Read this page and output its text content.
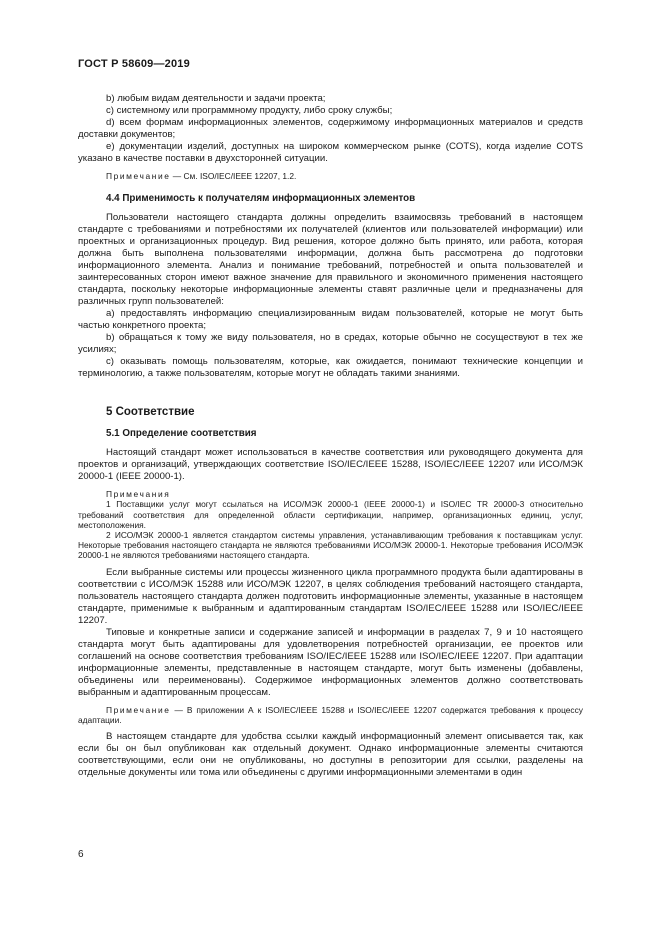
ГОСТ Р 58609—2019

b) любым видам деятельности и задачи проекта;

c) системному или программному продукту, либо сроку службы;

d) всем формам информационных элементов, содержимому информационных материалов и средств доставки документов;

e) документации изделий, доступных на широком коммерческом рынке (COTS), когда изделие COTS указано в качестве поставки в двухсторонней ситуации.

Примечание — См. ISO/IEC/IEEE 12207, 1.2.

4.4 Применимость к получателям информационных элементов

Пользователи настоящего стандарта должны определить взаимосвязь требований в настоящем стандарте с требованиями и потребностями их получателей (клиентов или пользователей информации) или проектных и организационных процедур. Вид решения, которое должно быть принято, или работа, которая должна быть выполнена пользователями информации, должна быть рассмотрена до подготовки информационного элемента. Анализ и понимание требований, потребностей и опыта пользователей и заинтересованных сторон имеют важное значение для правильного и экономичного применения настоящего стандарта, поскольку некоторые информационные элементы ставят различные цели и предназначены для различных групп пользователей:

a) предоставлять информацию специализированным видам пользователей, которые не могут быть частью конкретного проекта;

b) обращаться к тому же виду пользователя, но в средах, которые обычно не сосуществуют в тех же усилиях;

c) оказывать помощь пользователям, которые, как ожидается, понимают технические концепции и терминологию, а также пользователям, которые могут не обладать такими знаниями.

5 Соответствие
5.1 Определение соответствия

Настоящий стандарт может использоваться в качестве соответствия или руководящего документа для проектов и организаций, утверждающих соответствие ISO/IEC/IEEE 15288, ISO/IEC/IEEE 12207 или ИСО/МЭК 20000-1 (IEEE 20000-1).

Примечания

1 Поставщики услуг могут ссылаться на ИСО/МЭК 20000-1 (IEEE 20000-1) и ISO/IEC TR 20000-3 относительно требований соответствия для определенной области сертификации, например, организационных единиц, услуг, местоположения.

2 ИСО/МЭК 20000-1 является стандартом системы управления, устанавливающим требования к поставщикам услуг. Некоторые требования настоящего стандарта не являются требованиями ИСО/МЭК 20000-1. Некоторые требования ИСО/МЭК 20000-1 не являются требованиями настоящего стандарта.

Если выбранные системы или процессы жизненного цикла программного продукта были адаптированы в соответствии с ИСО/МЭК 15288 или ИСО/МЭК 12207, в целях соблюдения требований настоящего стандарта, пользователь настоящего стандарта должен подготовить информационные элементы, указанные в настоящем стандарте, применимые к выбранным и адаптированным стандартам ISO/IEC/IEEE 15288 или ISO/IEC/IEEE 12207.

Типовые и конкретные записи и содержание записей и информации в разделах 7, 9 и 10 настоящего стандарта могут быть адаптированы для удовлетворения потребностей организации, ее проектов или соглашений на основе соответствия требованиям ISO/IEC/IEEE 15288 или ISO/IEC/IEEE 12207. При адаптации информационные элементы, представленные в настоящем стандарте, могут быть изменены (добавлены, объединены или переименованы). Содержимое информационных элементов должно соответствовать выбранным и адаптированным процессам.

Примечание — В приложении А к ISO/IEC/IEEE 15288 и ISO/IEC/IEEE 12207 содержатся требования к процессу адаптации.

В настоящем стандарте для удобства ссылки каждый информационный элемент описывается так, как если бы он был опубликован как отдельный документ. Однако информационные элементы считаются соответствующими, если они не опубликованы, но доступны в репозитории для ссылки, разделены на отдельные документы или тома или объединены с другими информационными элементами в один

6
